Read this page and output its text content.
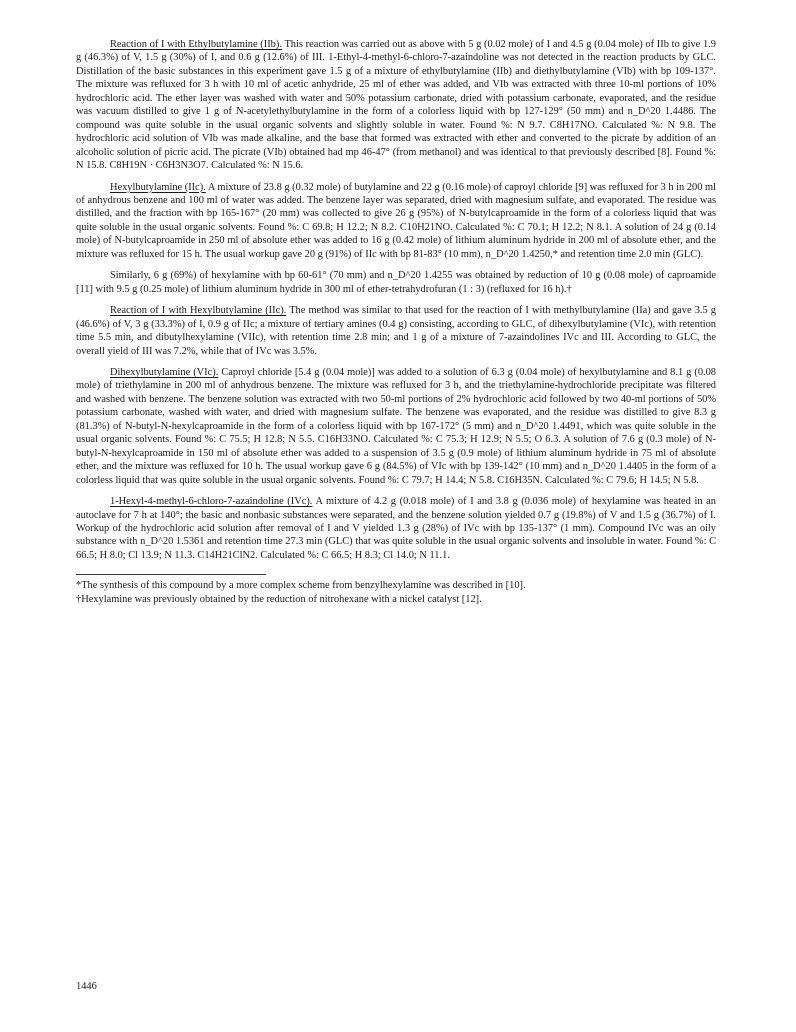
Reaction of I with Ethylbutylamine (IIb). This reaction was carried out as above with 5 g (0.02 mole) of I and 4.5 g (0.04 mole) of IIb to give 1.9 g (46.3%) of V, 1.5 g (30%) of I, and 0.6 g (12.6%) of III. 1-Ethyl-4-methyl-6-chloro-7-azaindoline was not detected in the reaction products by GLC. Distillation of the basic substances in this experiment gave 1.5 g of a mixture of ethylbutylamine (IIb) and diethylbutylamine (VIb) with bp 109-137°. The mixture was refluxed for 3 h with 10 ml of acetic anhydride, 25 ml of ether was added, and VIb was extracted with three 10-ml portions of 10% hydrochloric acid. The ether layer was washed with water and 50% potassium carbonate, dried with potassium carbonate, evaporated, and the residue was vacuum distilled to give 1 g of N-acetylethylbutylamine in the form of a colorless liquid with bp 127-129° (50 mm) and n_D^20 1.4486. The compound was quite soluble in the usual organic solvents and slightly soluble in water. Found %: N 9.7. C8H17NO. Calculated %: N 9.8. The hydrochloric acid solution of VIb was made alkaline, and the base that formed was extracted with ether and converted to the picrate by addition of an alcoholic solution of picric acid. The picrate (VIb) obtained had mp 46-47° (from methanol) and was identical to that previously described [8]. Found %: N 15.8. C8H19N · C6H3N3O7. Calculated %: N 15.6.

Hexylbutylamine (IIc). A mixture of 23.8 g (0.32 mole) of butylamine and 22 g (0.16 mole) of caproyl chloride [9] was refluxed for 3 h in 200 ml of anhydrous benzene and 100 ml of water was added. The benzene layer was separated, dried with magnesium sulfate, and evaporated. The residue was distilled, and the fraction with bp 165-167° (20 mm) was collected to give 26 g (95%) of N-butylcaproamide in the form of a colorless liquid that was quite soluble in the usual organic solvents. Found %: C 69.8; H 12.2; N 8.2. C10H21NO. Calculated %: C 70.1; H 12.2; N 8.1. A solution of 24 g (0.14 mole) of N-butylcaproamide in 250 ml of absolute ether was added to 16 g (0.42 mole) of lithium aluminum hydride in 200 ml of absolute ether, and the mixture was refluxed for 15 h. The usual workup gave 20 g (91%) of IIc with bp 81-83° (10 mm), n_D^20 1.4250,* and retention time 2.0 min (GLC).

Similarly, 6 g (69%) of hexylamine with bp 60-61° (70 mm) and n_D^20 1.4255 was obtained by reduction of 10 g (0.08 mole) of caproamide [11] with 9.5 g (0.25 mole) of lithium aluminum hydride in 300 ml of ether-tetrahydrofuran (1 : 3) (refluxed for 16 h).†

Reaction of I with Hexylbutylamine (IIc). The method was similar to that used for the reaction of I with methylbutylamine (IIa) and gave 3.5 g (46.6%) of V, 3 g (33.3%) of I, 0.9 g of IIc; a mixture of tertiary amines (0.4 g) consisting, according to GLC, of dihexylbutylamine (VIc), with retention time 5.5 min, and dibutylhexylamine (VIIc), with retention time 2.8 min; and 1 g of a mixture of 7-azaindolines IVc and III. According to GLC, the overall yield of III was 7.2%, while that of IVc was 3.5%.

Dihexylbutylamine (VIc). Caproyl chloride [5.4 g (0.04 mole)] was added to a solution of 6.3 g (0.04 mole) of hexylbutylamine and 8.1 g (0.08 mole) of triethylamine in 200 ml of anhydrous benzene. The mixture was refluxed for 3 h, and the triethylamine-hydrochloride precipitate was filtered and washed with benzene. The benzene solution was extracted with two 50-ml portions of 2% hydrochloric acid followed by two 40-ml portions of 50% potassium carbonate, washed with water, and dried with magnesium sulfate. The benzene was evaporated, and the residue was distilled to give 8.3 g (81.3%) of N-butyl-N-hexylcaproamide in the form of a colorless liquid with bp 167-172° (5 mm) and n_D^20 1.4491, which was quite soluble in the usual organic solvents. Found %: C 75.5; H 12.8; N 5.5. C16H33NO. Calculated %: C 75.3; H 12.9; N 5.5; O 6.3. A solution of 7.6 g (0.3 mole) of N-butyl-N-hexylcaproamide in 150 ml of absolute ether was added to a suspension of 3.5 g (0.9 mole) of lithium aluminum hydride in 75 ml of absolute ether, and the mixture was refluxed for 10 h. The usual workup gave 6 g (84.5%) of VIc with bp 139-142° (10 mm) and n_D^20 1.4405 in the form of a colorless liquid that was quite soluble in the usual organic solvents. Found %: C 79.7; H 14.4; N 5.8. C16H35N. Calculated %: C 79.6; H 14.5; N 5.8.

1-Hexyl-4-methyl-6-chloro-7-azaindoline (IVc). A mixture of 4.2 g (0.018 mole) of I and 3.8 g (0.036 mole) of hexylamine was heated in an autoclave for 7 h at 140°; the basic and nonbasic substances were separated, and the benzene solution yielded 0.7 g (19.8%) of V and 1.5 g (36.7%) of I. Workup of the hydrochloric acid solution after removal of I and V yielded 1.3 g (28%) of IVc with bp 135-137° (1 mm). Compound IVc was an oily substance with n_D^20 1.5361 and retention time 27.3 min (GLC) that was quite soluble in the usual organic solvents and insoluble in water. Found %: C 66.5; H 8.0; Cl 13.9; N 11.3. C14H21ClN2. Calculated %: C 66.5; H 8.3; Cl 14.0; N 11.1.

*The synthesis of this compound by a more complex scheme from benzylhexylamine was described in [10].

†Hexylamine was previously obtained by the reduction of nitrohexane with a nickel catalyst [12].

1446
